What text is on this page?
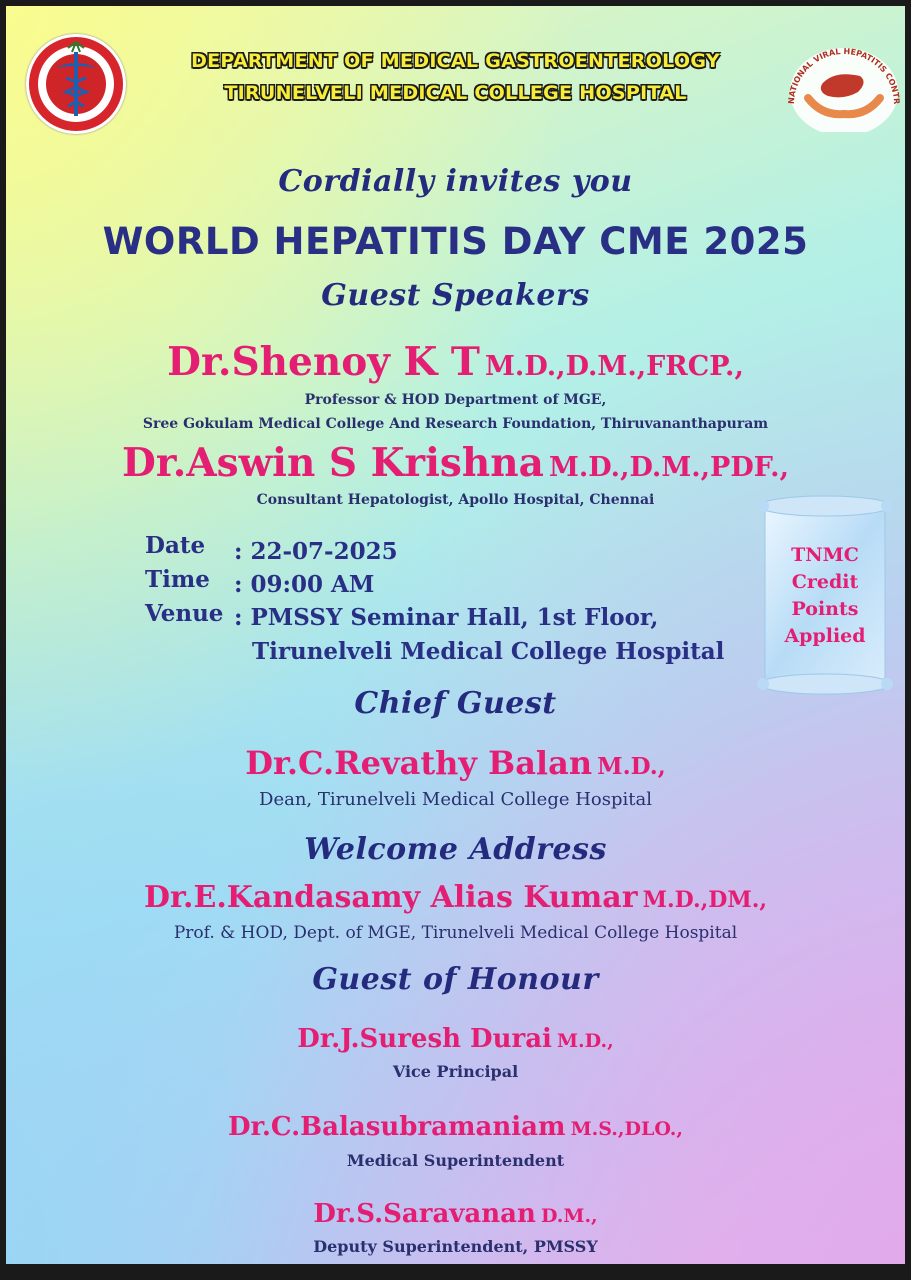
DEPARTMENT OF MEDICAL GASTROENTEROLOGY
TIRUNELVELI MEDICAL COLLEGE HOSPITAL	NATIONAL VIRAL HEPATITIS CONTR
Cordially invites you
WORLD HEPATITIS DAY CME 2025
Guest Speakers
Dr.Shenoy K T M.D.,D.M.,FRCP.,
Professor & HOD Department of MGE,
Sree Gokulam Medical College And Research Foundation, Thiruvananthapuram
Dr.Aswin S Krishna M.D.,D.M.,PDF.,
Consultant Hepatologist, Apollo Hospital, Chennai
Date : 22-07-2025
Time : 09:00 AM
Venue : PMSSY Seminar Hall, 1st Floor,
Tirunelveli Medical College Hospital
TNMC
Credit
Points
Applied
Chief Guest
Dr.C.Revathy Balan M.D.,
Dean, Tirunelveli Medical College Hospital
Welcome Address
Dr.E.Kandasamy Alias Kumar M.D.,DM.,
Prof. & HOD, Dept. of MGE, Tirunelveli Medical College Hospital
Guest of Honour
Dr.J.Suresh Durai M.D.,
Vice Principal
Dr.C.Balasubramaniam M.S.,DLO.,
Medical Superintendent
Dr.S.Saravanan D.M.,
Deputy Superintendent, PMSSY
